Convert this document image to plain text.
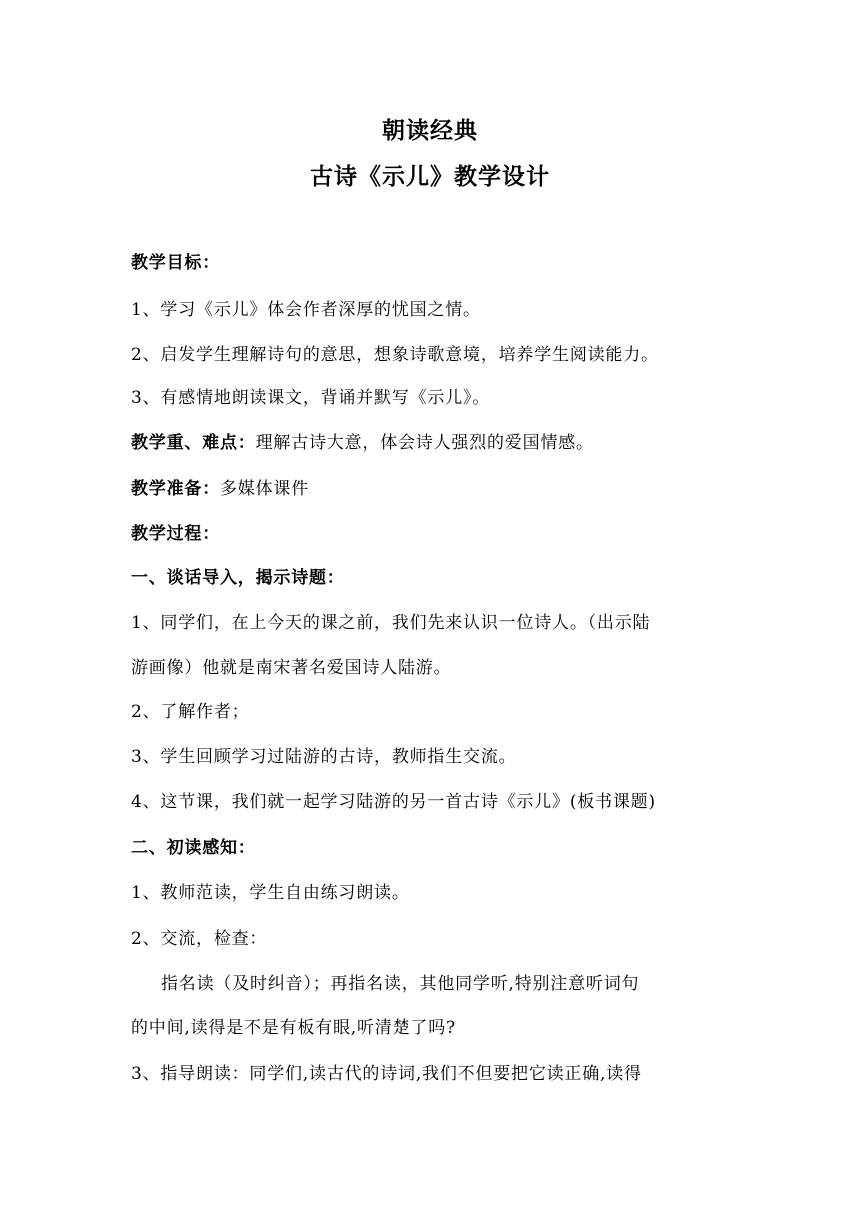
朝读经典
古诗《示儿》教学设计
教学目标：
1、学习《示儿》体会作者深厚的忧国之情。
2、启发学生理解诗句的意思，想象诗歌意境，培养学生阅读能力。
3、有感情地朗读课文，背诵并默写《示儿》。
教学重、难点：理解古诗大意，体会诗人强烈的爱国情感。
教学准备：多媒体课件
教学过程：
一、谈话导入，揭示诗题：
1、同学们，在上今天的课之前，我们先来认识一位诗人。（出示陆
游画像）他就是南宋著名爱国诗人陆游。
2、了解作者；
3、学生回顾学习过陆游的古诗，教师指生交流。
4、这节课，我们就一起学习陆游的另一首古诗《示儿》(板书课题)
二、初读感知：
1、教师范读，学生自由练习朗读。
2、交流，检查：
指名读（及时纠音）；再指名读，其他同学听,特别注意听词句
的中间,读得是不是有板有眼,听清楚了吗?
3、指导朗读：同学们,读古代的诗词,我们不但要把它读正确,读得
